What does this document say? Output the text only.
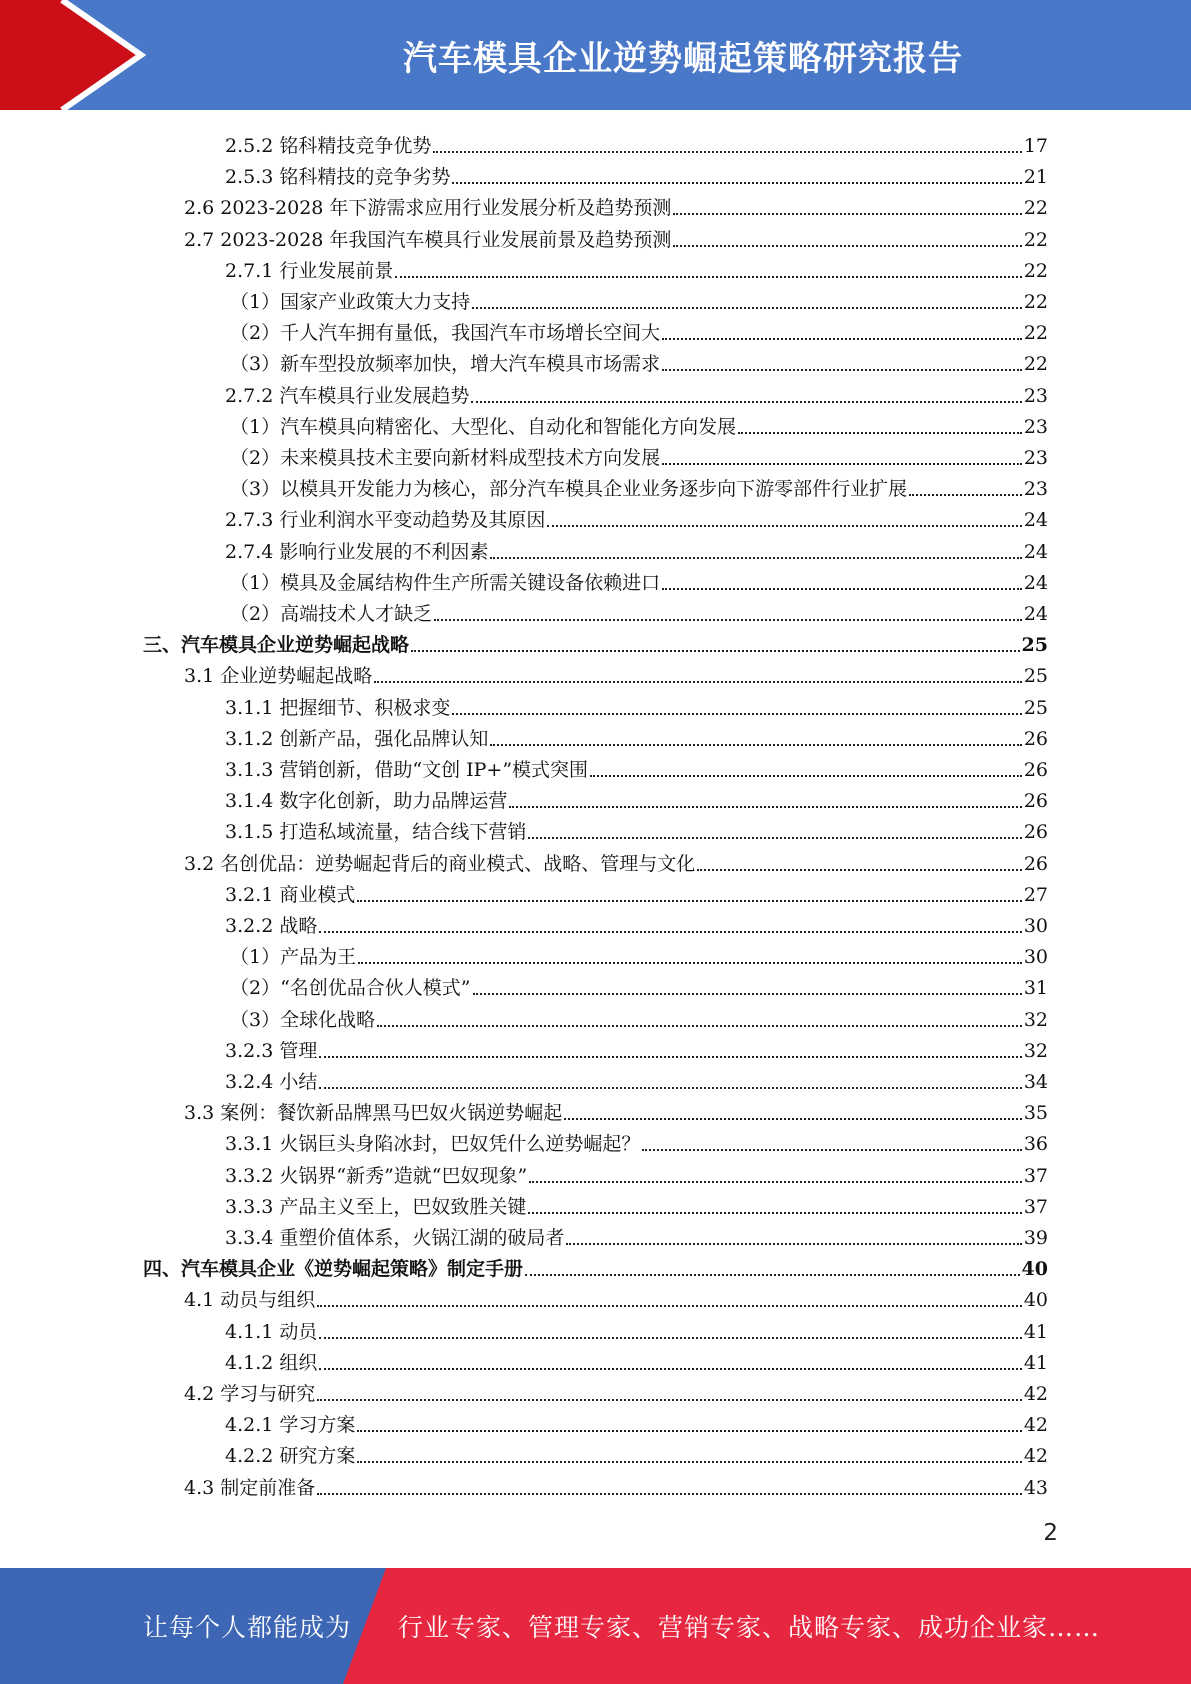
汽车模具企业逆势崛起策略研究报告
2.5.2 铭科精技竞争优势	17
2.5.3 铭科精技的竞争劣势	21
2.6 2023-2028 年下游需求应用行业发展分析及趋势预测	22
2.7 2023-2028 年我国汽车模具行业发展前景及趋势预测	22
2.7.1 行业发展前景	22
（1）国家产业政策大力支持	22
（2）千人汽车拥有量低，我国汽车市场增长空间大	22
（3）新车型投放频率加快，增大汽车模具市场需求	22
2.7.2 汽车模具行业发展趋势	23
（1）汽车模具向精密化、大型化、自动化和智能化方向发展	23
（2）未来模具技术主要向新材料成型技术方向发展	23
（3）以模具开发能力为核心，部分汽车模具企业业务逐步向下游零部件行业扩展	23
2.7.3 行业利润水平变动趋势及其原因	24
2.7.4 影响行业发展的不利因素	24
（1）模具及金属结构件生产所需关键设备依赖进口	24
（2）高端技术人才缺乏	24
三、汽车模具企业逆势崛起战略	25
3.1 企业逆势崛起战略	25
3.1.1 把握细节、积极求变	25
3.1.2 创新产品，强化品牌认知	26
3.1.3 营销创新，借助“文创 IP+”模式突围	26
3.1.4 数字化创新，助力品牌运营	26
3.1.5 打造私域流量，结合线下营销	26
3.2 名创优品：逆势崛起背后的商业模式、战略、管理与文化	26
3.2.1 商业模式	27
3.2.2 战略	30
（1）产品为王	30
（2）“名创优品合伙人模式”	31
（3）全球化战略	32
3.2.3 管理	32
3.2.4 小结	34
3.3 案例：餐饮新品牌黑马巴奴火锅逆势崛起	35
3.3.1 火锅巨头身陷冰封，巴奴凭什么逆势崛起？	36
3.3.2 火锅界“新秀”造就“巴奴现象”	37
3.3.3 产品主义至上，巴奴致胜关键	37
3.3.4 重塑价值体系，火锅江湖的破局者	39
四、汽车模具企业《逆势崛起策略》制定手册	40
4.1 动员与组织	40
4.1.1 动员	41
4.1.2 组织	41
4.2 学习与研究	42
4.2.1 学习方案	42
4.2.2 研究方案	42
4.3 制定前准备	43
2
让每个人都能成为 行业专家、管理专家、营销专家、战略专家、成功企业家……
